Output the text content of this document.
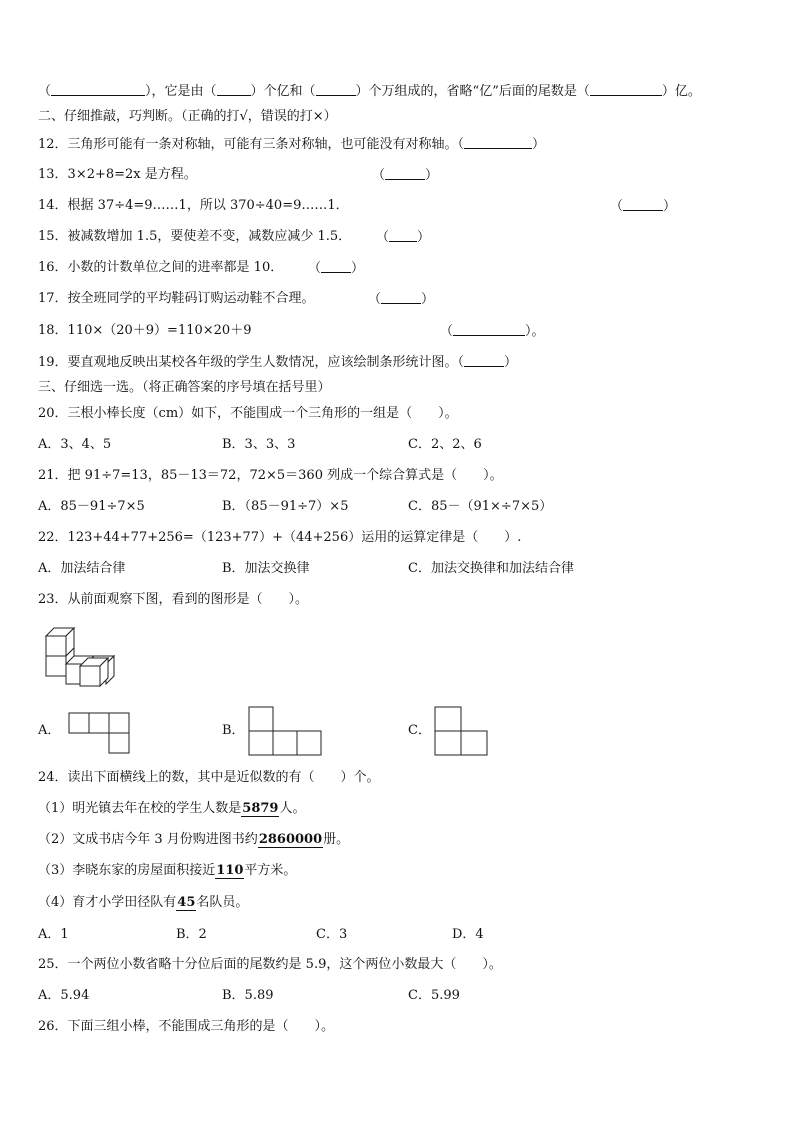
（	），它是由（	）个亿和（	）个万组成的，省略“亿”后面的尾数是（	）亿。
二、仔细推敲，巧判断。（正确的打√，错误的打×）
12．三角形可能有一条对称轴，可能有三条对称轴，也可能没有对称轴。（	）
13．3×2+8=2x 是方程。	（	）
14．根据 37÷4=9……1，所以 370÷40=9……1．	（	）
15．被减数增加 1.5，要使差不变，减数应减少 1.5． （ ）
16．小数的计数单位之间的进率都是 10． （ ）
17．按全班同学的平均鞋码订购运动鞋不合理。	（	）
18．110×（20＋9）=110×20＋9	（	）。
19．要直观地反映出某校各年级的学生人数情况，应该绘制条形统计图。（	）
三、仔细选一选。（将正确答案的序号填在括号里）
20．三根小棒长度（cm）如下，不能围成一个三角形的一组是（　　）。
A．3、4、5	B．3、3、3	C．2、2、6
21．把 91÷7=13，85－13＝72，72×5＝360 列成一个综合算式是（　　）。
A．85－91÷7×5	B．（85－91÷7）×5	C．85－（91×÷7×5）
22．123+44+77+256=（123+77）+（44+256）运用的运算定律是（　　）.
A．加法结合律	B．加法交换律	C．加法交换律和加法结合律
23．从前面观察下图，看到的图形是（　　）。
A．	B．	C．
24．读出下面横线上的数，其中是近似数的有（　　）个。
（1）明光镇去年在校的学生人数是5879人。
（2）文成书店今年 3 月份购进图书约2860000册。
（3）李晓东家的房屋面积接近110平方米。
（4）育才小学田径队有45名队员。
A．1	B．2	C．3	D．4
25．一个两位小数省略十分位后面的尾数约是 5.9，这个两位小数最大（　　）。
A．5.94	B．5.89	C．5.99
26．下面三组小棒，不能围成三角形的是（　　）。
